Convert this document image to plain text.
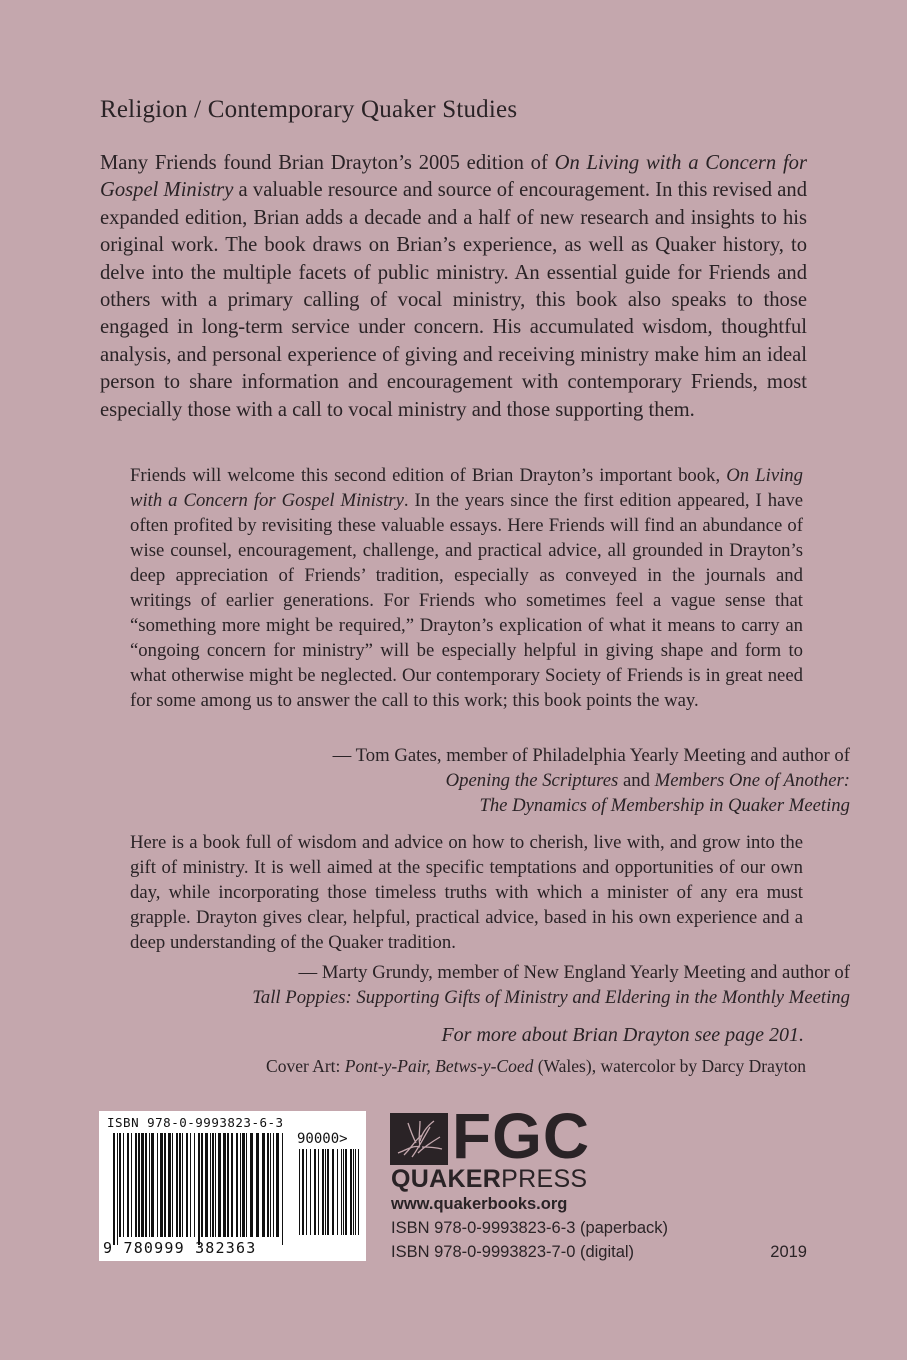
Religion / Contemporary Quaker Studies

Many Friends found Brian Drayton’s 2005 edition of On Living with a Concern for Gospel Ministry a valuable resource and source of encouragement. In this revised and expanded edition, Brian adds a decade and a half of new research and insights to his original work. The book draws on Brian’s experience, as well as Quaker history, to delve into the multiple facets of public ministry. An essential guide for Friends and others with a primary calling of vocal ministry, this book also speaks to those engaged in long-term service under concern. His accumulated wisdom, thoughtful analysis, and personal experience of giving and receiving ministry make him an ideal person to share information and encouragement with contemporary Friends, most especially those with a call to vocal ministry and those supporting them.

Friends will welcome this second edition of Brian Drayton’s important book, On Living with a Concern for Gospel Ministry. In the years since the first edition appeared, I have often profited by revisiting these valuable essays. Here Friends will find an abundance of wise counsel, encouragement, challenge, and practical advice, all grounded in Drayton’s deep appreciation of Friends’ tradition, especially as conveyed in the journals and writings of earlier generations. For Friends who sometimes feel a vague sense that “something more might be required,” Drayton’s explication of what it means to carry an “ongoing concern for ministry” will be especially helpful in giving shape and form to what otherwise might be neglected. Our contemporary Society of Friends is in great need for some among us to answer the call to this work; this book points the way.

— Tom Gates, member of Philadelphia Yearly Meeting and author of
Opening the Scriptures and Members One of Another:
The Dynamics of Membership in Quaker Meeting

Here is a book full of wisdom and advice on how to cherish, live with, and grow into the gift of ministry. It is well aimed at the specific temptations and opportunities of our own day, while incorporating those timeless truths with which a minister of any era must grapple. Drayton gives clear, helpful, practical advice, based in his own experience and a deep understanding of the Quaker tradition.

— Marty Grundy, member of New England Yearly Meeting and author of
Tall Poppies: Supporting Gifts of Ministry and Eldering in the Monthly Meeting

For more about Brian Drayton see page 201.
Cover Art: Pont-y-Pair, Betws-y-Coed (Wales), watercolor by Darcy Drayton
ISBN 978-0-9993823-6-3
90000>
9 780999 382363
FGC
QUAKERPRESS
www.quakerbooks.org
ISBN 978-0-9993823-6-3 (paperback)
ISBN 978-0-9993823-7-0 (digital)	2019
